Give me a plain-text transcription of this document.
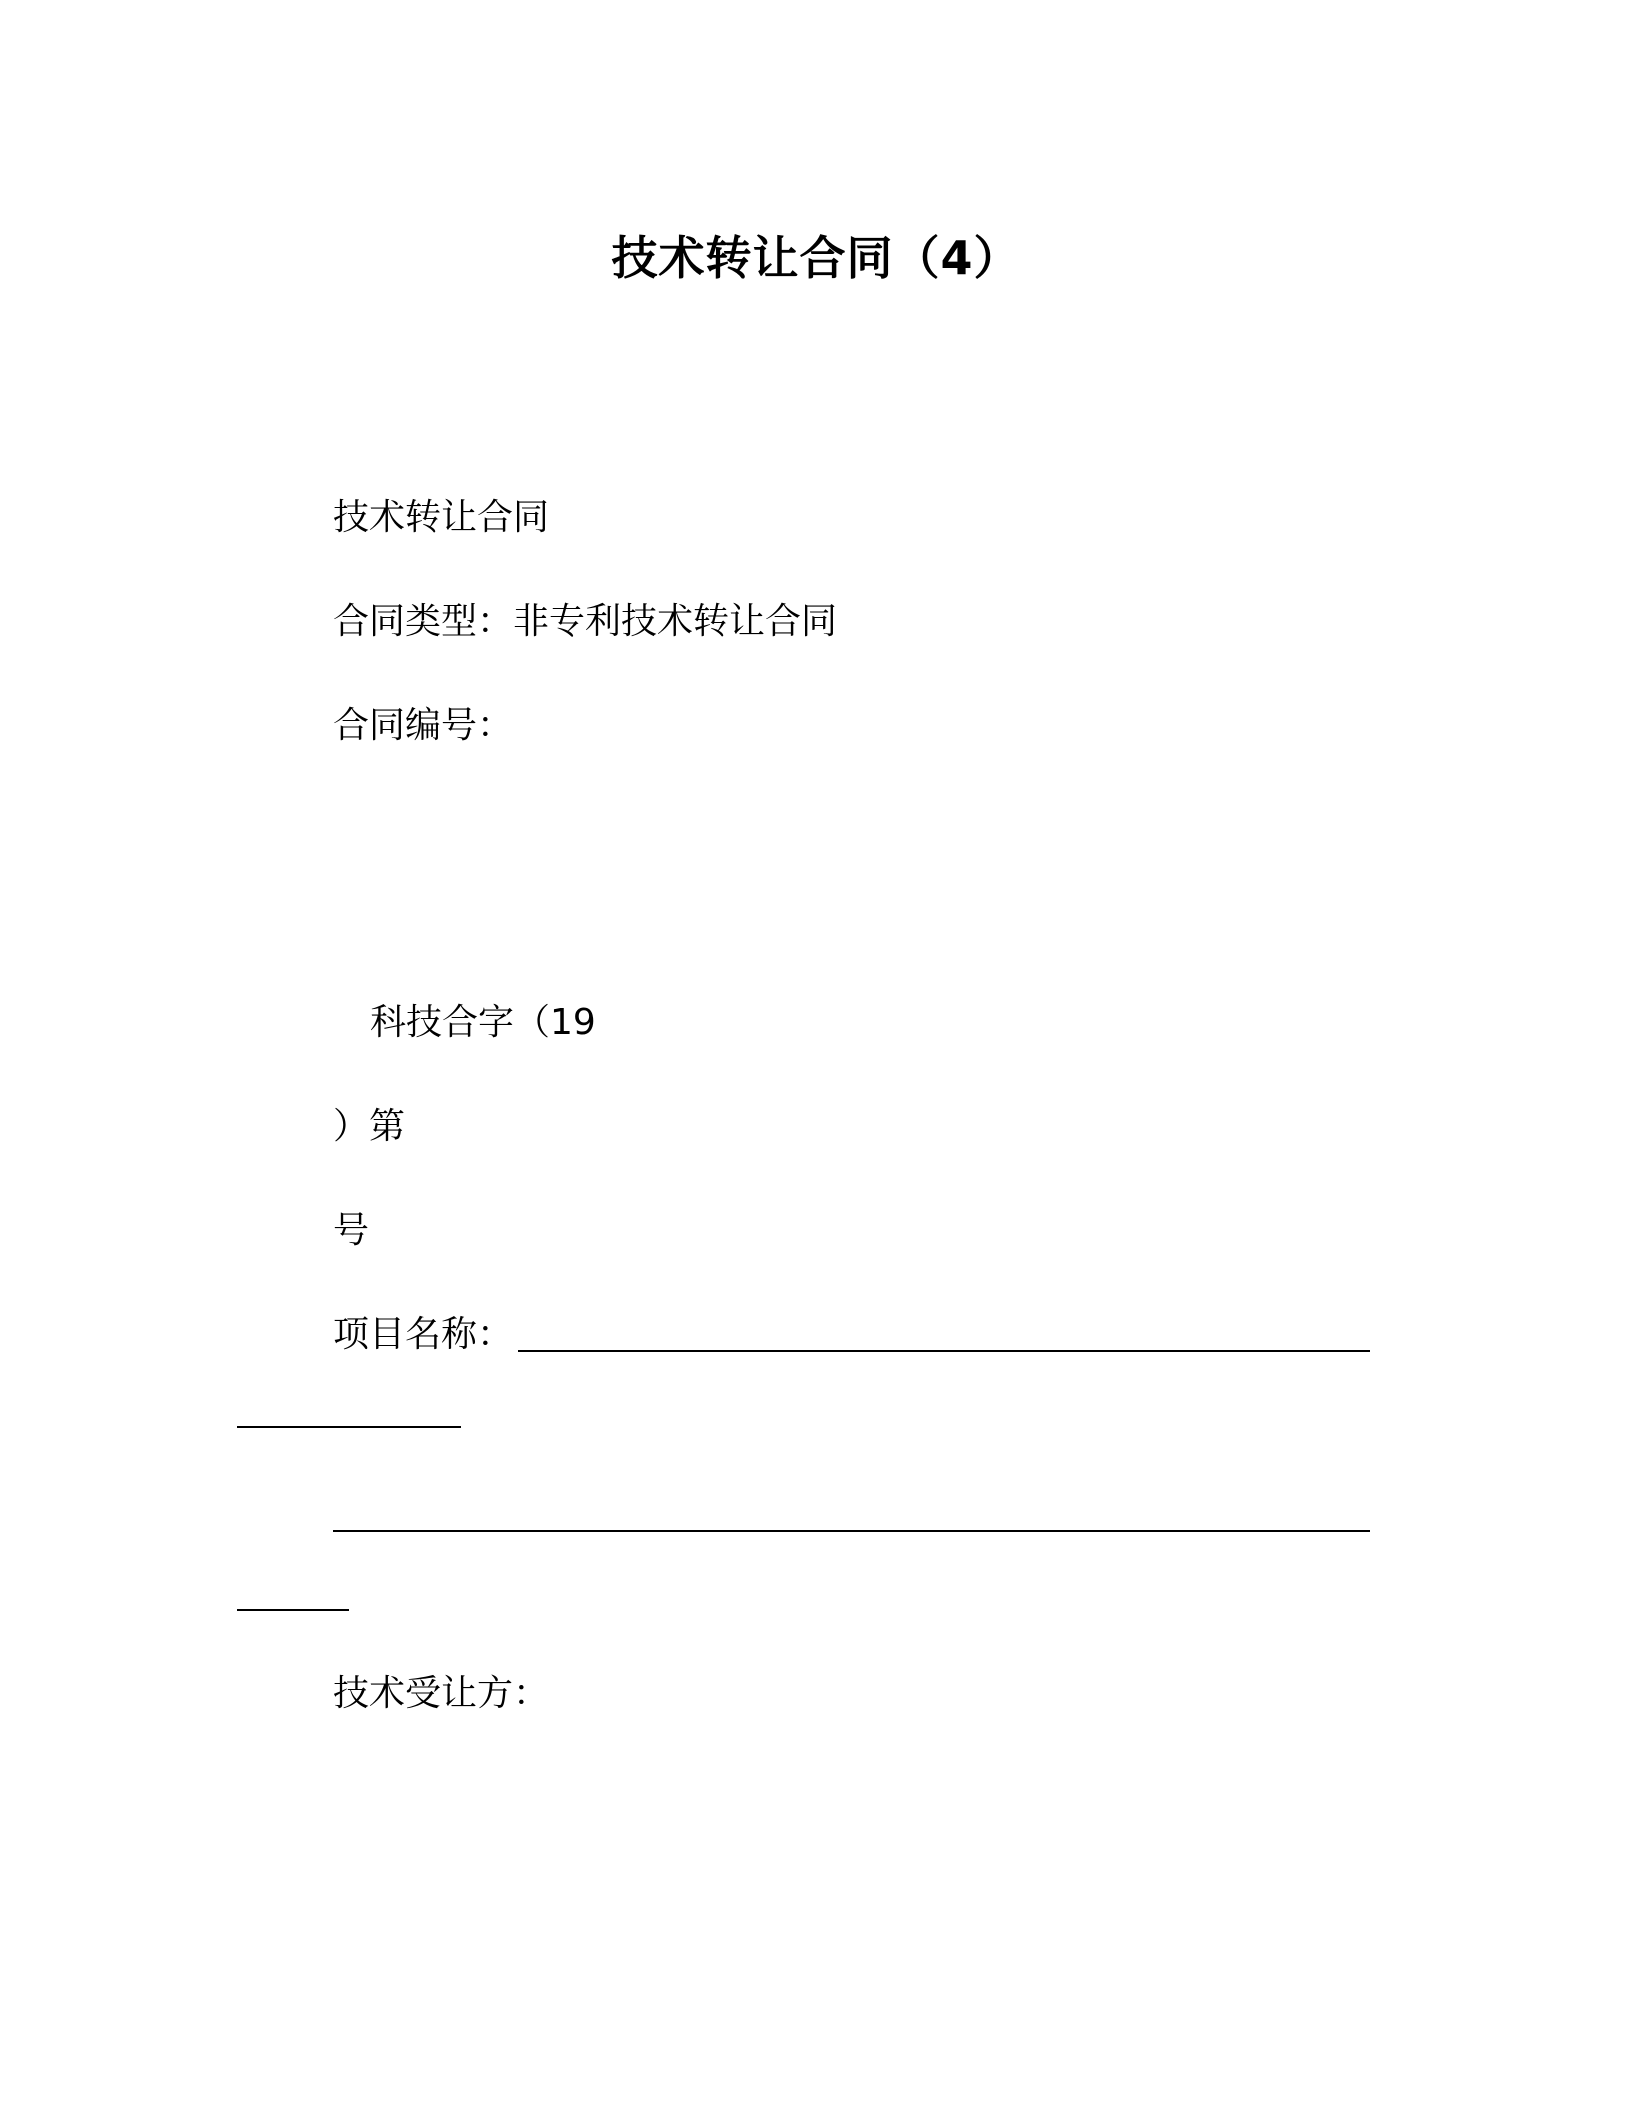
技术转让合同（4）
技术转让合同
合同类型：非专利技术转让合同
合同编号：
科技合字（19
）第
号
项目名称：
技术受让方：
